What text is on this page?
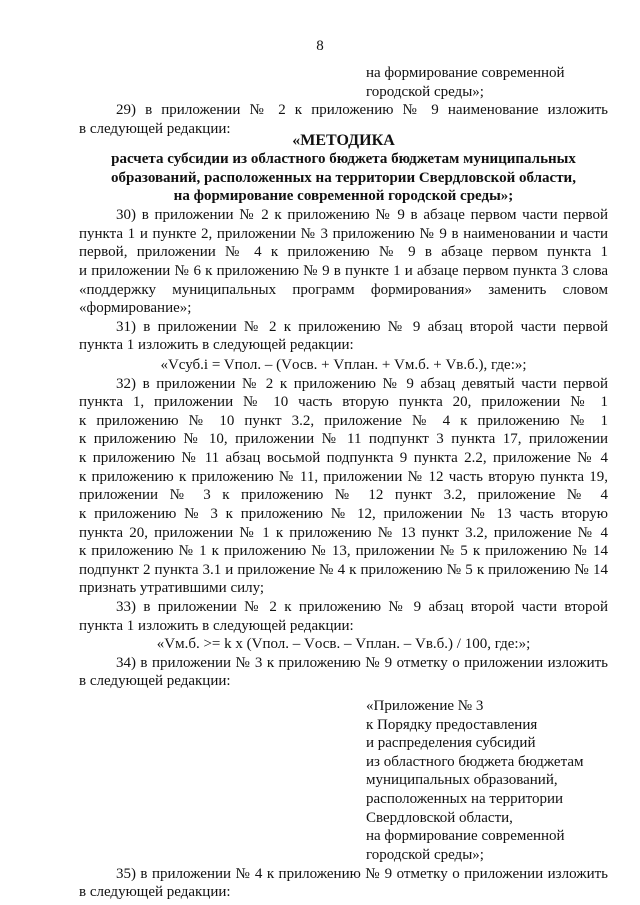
8

на формирование современной

городской среды»;

29) в приложении № 2 к приложению № 9 наименование изложить

в следующей редакции:

«МЕТОДИКА

расчета субсидии из областного бюджета бюджетам муниципальных

образований, расположенных на территории Свердловской области,

на формирование современной городской среды»;

30) в приложении № 2 к приложению № 9 в абзаце первом части первой

пункта 1 и пункте 2, приложении № 3 приложению № 9 в наименовании и части

первой, приложении № 4 к приложению № 9 в абзаце первом пункта 1

и приложении № 6 к приложению № 9 в пункте 1 и абзаце первом пункта 3 слова

«поддержку муниципальных программ формирования» заменить словом

«формирование»;

31) в приложении № 2 к приложению № 9 абзац второй части первой

пункта 1 изложить в следующей редакции:

«Vсуб.i = Vпол. – (Vосв. + Vплан. + Vм.б. + Vв.б.), где:»;

32) в приложении № 2 к приложению № 9 абзац девятый части первой

пункта 1, приложении № 10 часть вторую пункта 20, приложении № 1

к приложению № 10 пункт 3.2, приложение № 4 к приложению № 1

к приложению № 10, приложении № 11 подпункт 3 пункта 17, приложении

к приложению № 11 абзац восьмой подпункта 9 пункта 2.2, приложение № 4

к приложению к приложению № 11, приложении № 12 часть вторую пункта 19,

приложении № 3 к приложению № 12 пункт 3.2, приложение № 4

к приложению № 3 к приложению № 12, приложении № 13 часть вторую

пункта 20, приложении № 1 к приложению № 13 пункт 3.2, приложение № 4

к приложению № 1 к приложению № 13, приложении № 5 к приложению № 14

подпункт 2 пункта 3.1 и приложение № 4 к приложению № 5 к приложению № 14

признать утратившими силу;

33) в приложении № 2 к приложению № 9 абзац второй части второй

пункта 1 изложить в следующей редакции:

«Vм.б. >= k x (Vпол. – Vосв. – Vплан. – Vв.б.) / 100, где:»;

34) в приложении № 3 к приложению № 9 отметку о приложении изложить

в следующей редакции:

«Приложение № 3

к Порядку предоставления

и распределения субсидий

из областного бюджета бюджетам

муниципальных образований,

расположенных на территории

Свердловской области,

на формирование современной

городской среды»;

35) в приложении № 4 к приложению № 9 отметку о приложении изложить

в следующей редакции:
